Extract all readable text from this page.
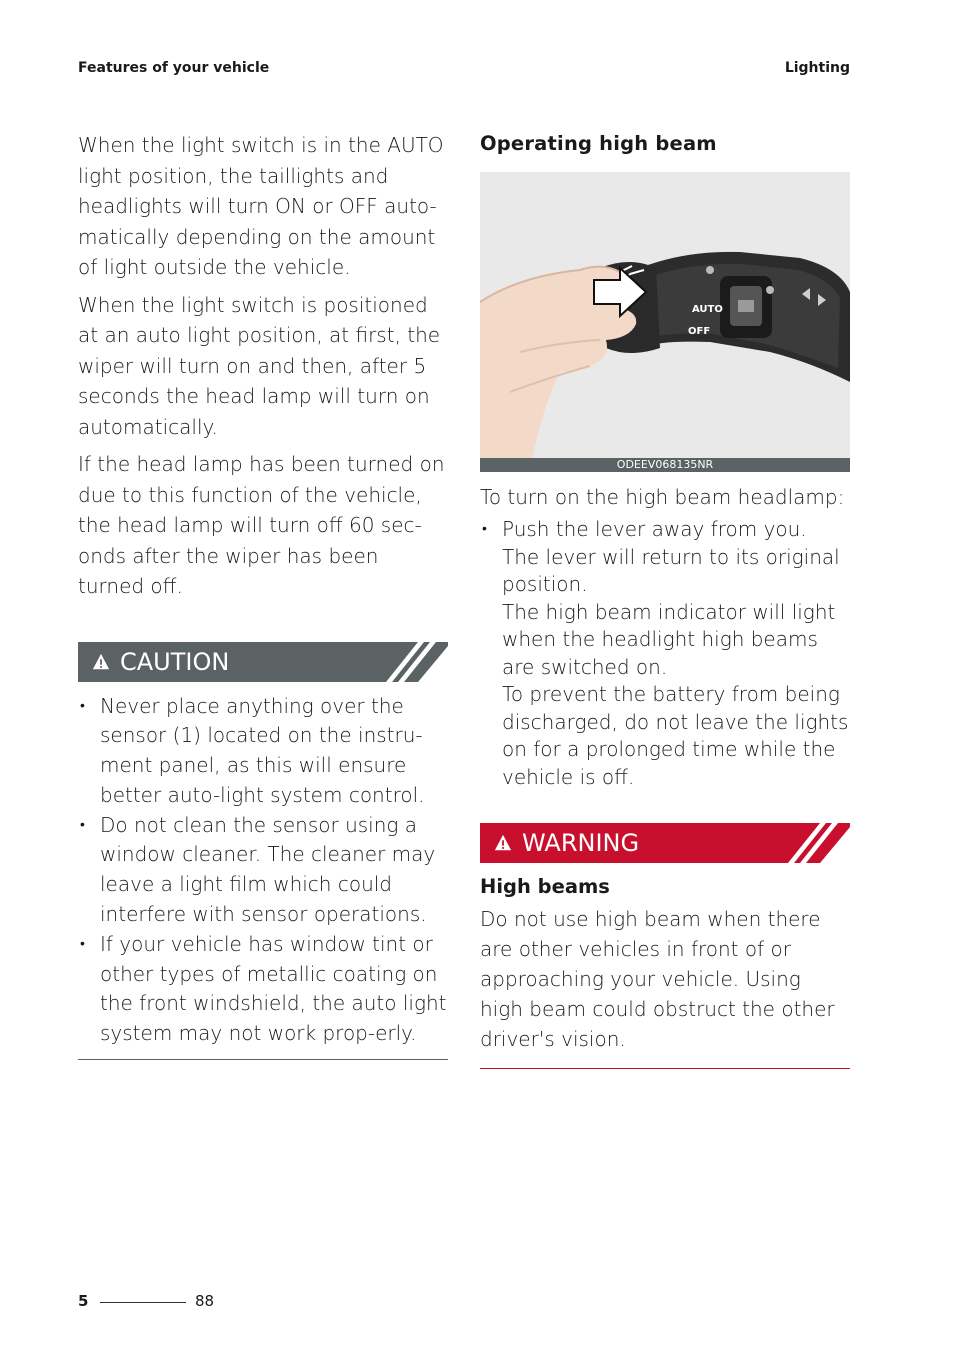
Features of your vehicle	Lighting

When the light switch is in the AUTO light position, the taillights and headlights will turn ON or OFF auto-matically depending on the amount of light outside the vehicle.

When the light switch is positioned at an auto light position, at first, the wiper will turn on and then, after 5 seconds the head lamp will turn on automatically.

If the head lamp has been turned on due to this function of the vehicle, the head lamp will turn off 60 sec-onds after the wiper has been turned off.

CAUTION
• Never place anything over the sensor (1) located on the instru-ment panel, as this will ensure better auto-light system control.
• Do not clean the sensor using a window cleaner. The cleaner may leave a light film which could interfere with sensor operations.
• If your vehicle has window tint or other types of metallic coating on the front windshield, the auto light system may not work prop-erly.
Operating high beam
AUTO
OFF
ODEEV068135NR

To turn on the high beam headlamp:

• Push the lever away from you.
The lever will return to its original position.
The high beam indicator will light when the headlight high beams are switched on.
To prevent the battery from being discharged, do not leave the lights on for a prolonged time while the vehicle is off.
WARNING
High beams

Do not use high beam when there are other vehicles in front of or approaching your vehicle. Using high beam could obstruct the other driver's vision.

5	88
